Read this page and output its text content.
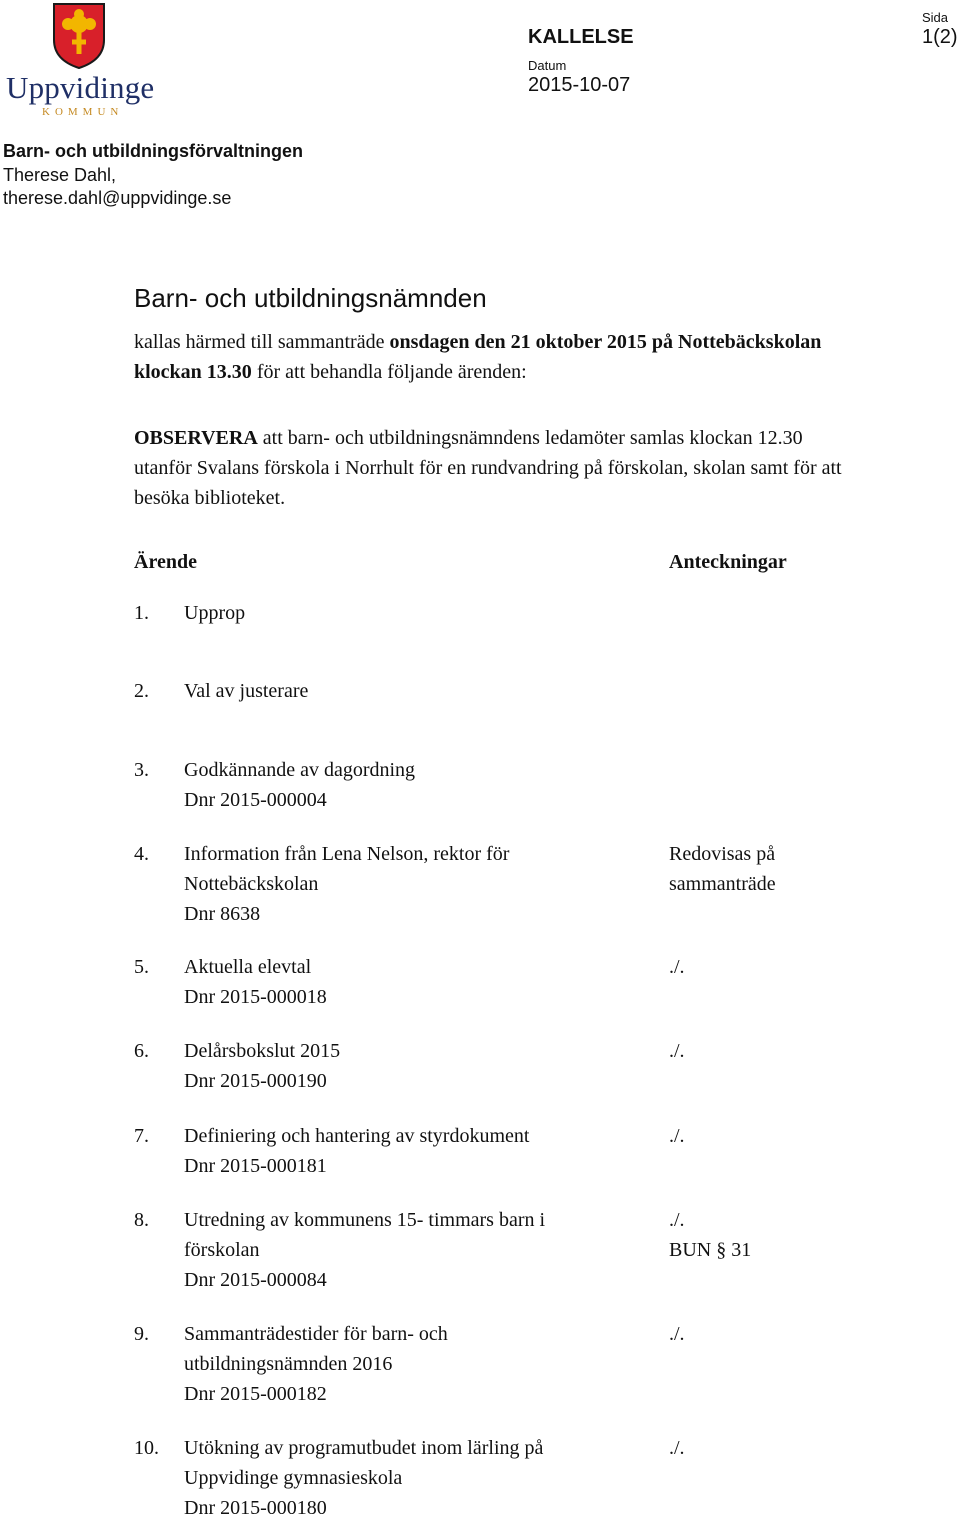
Uppvidinge
KOMMUN
KALLELSE
Datum
2015-10-07
Sida
1(2)
Barn- och utbildningsförvaltningen
Therese Dahl,
therese.dahl@uppvidinge.se
Barn- och utbildningsnämnden
kallas härmed till sammanträde onsdagen den 21 oktober 2015 på Nottebäckskolan klockan 13.30 för att behandla följande ärenden:
OBSERVERA att barn- och utbildningsnämndens ledamöter samlas klockan 12.30 utanför Svalans förskola i Norrhult för en rundvandring på förskolan, skolan samt för att besöka biblioteket.
Ärende	Anteckningar
1. Upprop
2. Val av justerare
3. Godkännande av dagordning
Dnr 2015-000004
4. Information från Lena Nelson, rektor för
Nottebäckskolan
Dnr 8638
Redovisas på
sammanträde
5. Aktuella elevtal
Dnr 2015-000018
./.
6. Delårsbokslut 2015
Dnr 2015-000190
./.
7. Definiering och hantering av styrdokument
Dnr 2015-000181
./.
8. Utredning av kommunens 15- timmars barn i
förskolan
Dnr 2015-000084
./.
BUN § 31
9. Sammanträdestider för barn- och
utbildningsnämnden 2016
Dnr 2015-000182
./.
10. Utökning av programutbudet inom lärling på
Uppvidinge gymnasieskola
Dnr 2015-000180
./.
